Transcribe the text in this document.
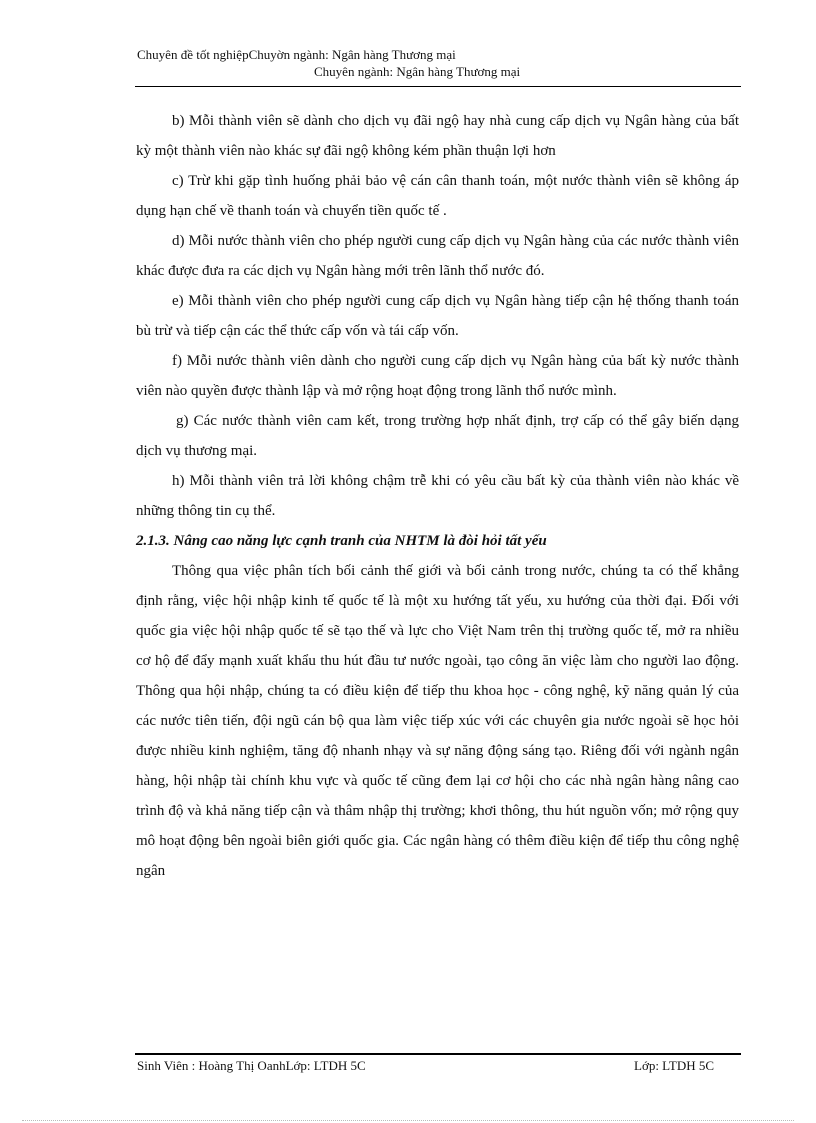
Chuyên đề tốt nghiệpChuyờn ngành: Ngân hàng Thương mại
Chuyên ngành: Ngân hàng Thương mại

b) Mỗi thành viên sẽ dành cho dịch vụ đãi ngộ hay nhà cung cấp dịch vụ Ngân hàng của bất kỳ một thành viên nào khác sự đãi ngộ không kém phần thuận lợi hơn

c) Trừ khi gặp tình huống phải bảo vệ cán cân thanh toán, một nước thành viên sẽ không áp dụng hạn chế về thanh toán và chuyển tiền quốc tế .

d) Mỗi nước thành viên cho phép người cung cấp dịch vụ Ngân hàng của các nước thành viên khác được đưa ra các dịch vụ Ngân hàng mới trên lãnh thổ nước đó.

e) Mỗi thành viên cho phép người cung cấp dịch vụ Ngân hàng tiếp cận hệ thống thanh toán bù trừ và tiếp cận các thể thức cấp vốn và tái cấp vốn.

f) Mỗi nước thành viên dành cho người cung cấp dịch vụ Ngân hàng của bất kỳ nước thành viên nào quyền được thành lập và mở rộng hoạt động trong lãnh thổ nước mình.

g) Các nước thành viên cam kết, trong trường hợp nhất định, trợ cấp có thể gây biến dạng dịch vụ thương mại.

h) Mỗi thành viên trả lời không chậm trễ khi có yêu cầu bất kỳ của thành viên nào khác về những thông tin cụ thể.

2.1.3. Nâng cao năng lực cạnh tranh của NHTM là đòi hỏi tất yếu

Thông qua việc phân tích bối cảnh thế giới và bối cảnh trong nước, chúng ta có thể khẳng định rằng, việc hội nhập kinh tế quốc tế là một xu hướng tất yếu, xu hướng của thời đại. Đối với quốc gia việc hội nhập quốc tế sẽ tạo thế và lực cho Việt Nam trên thị trường quốc tế, mở ra nhiều cơ hộ để đẩy mạnh xuất khẩu thu hút đầu tư nước ngoài, tạo công ăn việc làm cho người lao động. Thông qua hội nhập, chúng ta có điều kiện để tiếp thu khoa học - công nghệ, kỹ năng quản lý của các nước tiên tiến, đội ngũ cán bộ qua làm việc tiếp xúc với các chuyên gia nước ngoài sẽ học hỏi được nhiều kinh nghiệm, tăng độ nhanh nhạy và sự năng động sáng tạo. Riêng đối với ngành ngân hàng, hội nhập tài chính khu vực và quốc tế cũng đem lại cơ hội cho các nhà ngân hàng nâng cao trình độ và khả năng tiếp cận và thâm nhập thị trường; khơi thông, thu hút nguồn vốn; mở rộng quy mô hoạt động bên ngoài biên giới quốc gia. Các ngân hàng có thêm điều kiện để tiếp thu công nghệ ngân

Sinh Viên : Hoàng Thị OanhLớp: LTDH 5C	Lớp: LTDH 5C
